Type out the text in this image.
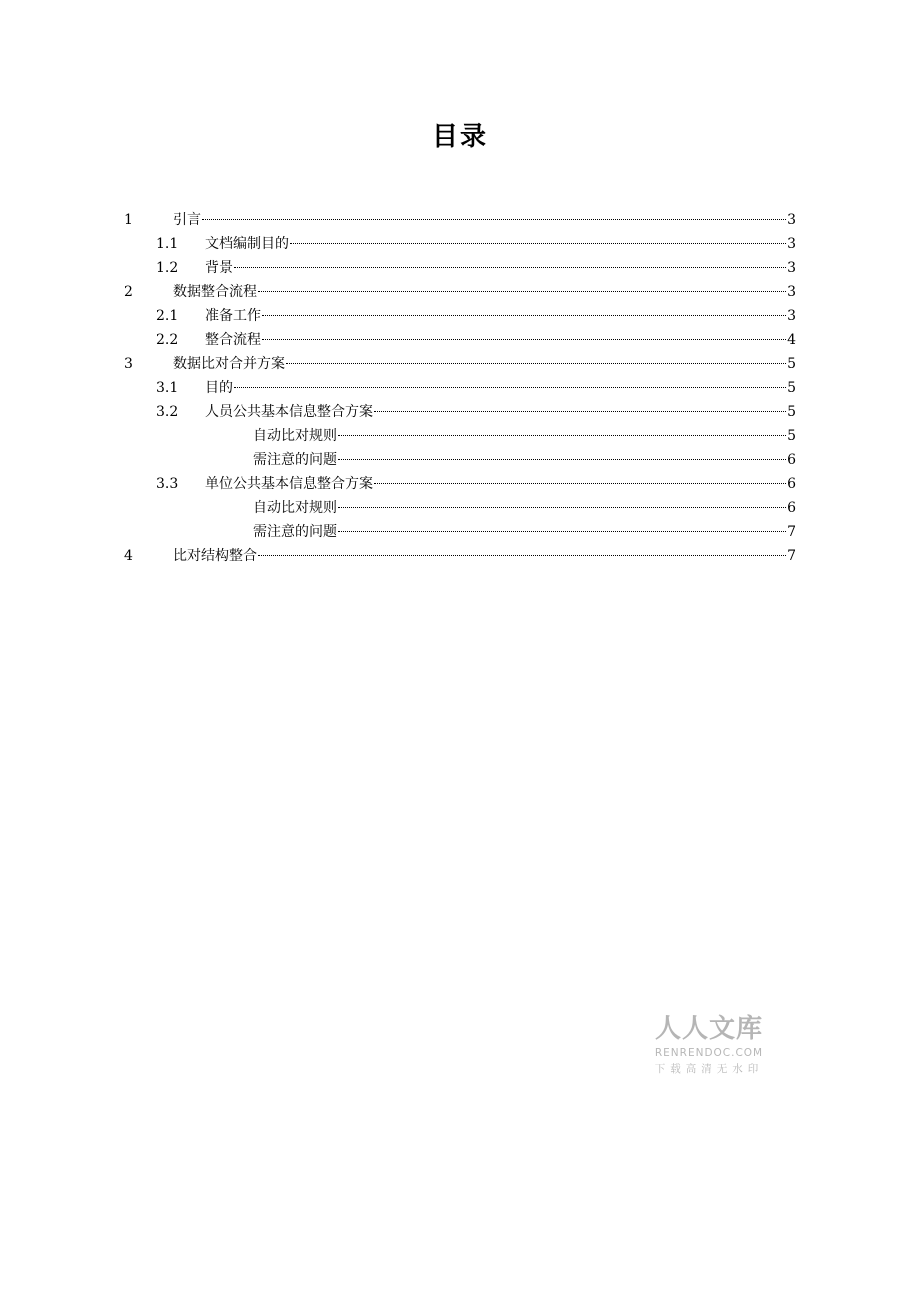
目录
1	引言	3
1.1 文档编制目的	3
1.2 背景	3
2	数据整合流程	3
2.1 准备工作	3
2.2 整合流程	4
3	数据比对合并方案	5
3.1 目的	5
3.2 人员公共基本信息整合方案	5
自动比对规则	5
需注意的问题	6
3.3 单位公共基本信息整合方案	6
自动比对规则	6
需注意的问题	7
4	比对结构整合	7
人人文库
RENRENDOC.COM
下载高清无水印
